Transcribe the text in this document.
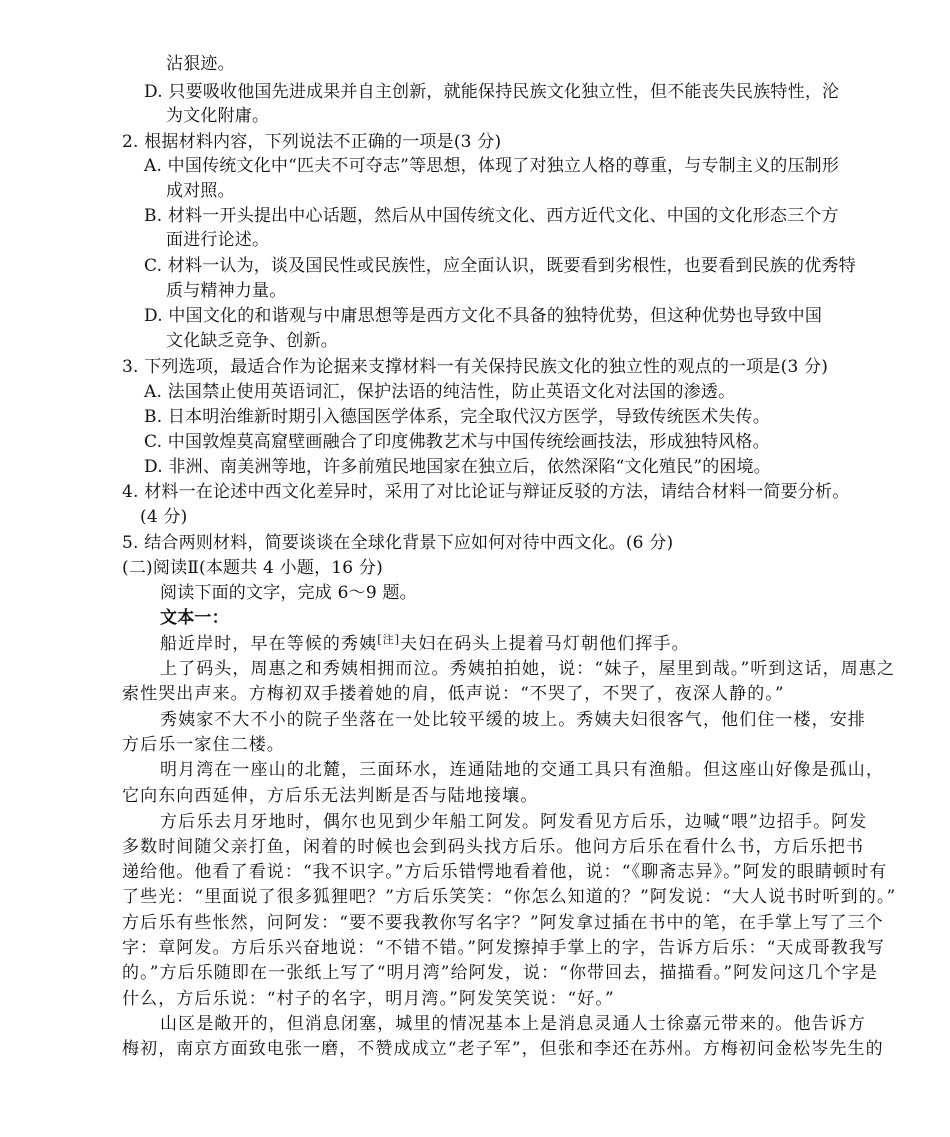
沾狠迹。
D. 只要吸收他国先进成果并自主创新，就能保持民族文化独立性，但不能丧失民族特性，沦
为文化附庸。
2. 根据材料内容，下列说法不正确的一项是(3 分)
A. 中国传统文化中“匹夫不可夺志”等思想，体现了对独立人格的尊重，与专制主义的压制形
成对照。
B. 材料一开头提出中心话题，然后从中国传统文化、西方近代文化、中国的文化形态三个方
面进行论述。
C. 材料一认为，谈及国民性或民族性，应全面认识，既要看到劣根性，也要看到民族的优秀特
质与精神力量。
D. 中国文化的和谐观与中庸思想等是西方文化不具备的独特优势，但这种优势也导致中国
文化缺乏竞争、创新。
3. 下列选项，最适合作为论据来支撑材料一有关保持民族文化的独立性的观点的一项是(3 分)
A. 法国禁止使用英语词汇，保护法语的纯洁性，防止英语文化对法国的渗透。
B. 日本明治维新时期引入德国医学体系，完全取代汉方医学，导致传统医术失传。
C. 中国敦煌莫高窟壁画融合了印度佛教艺术与中国传统绘画技法，形成独特风格。
D. 非洲、南美洲等地，许多前殖民地国家在独立后，依然深陷“文化殖民”的困境。
4. 材料一在论述中西文化差异时，采用了对比论证与辩证反驳的方法，请结合材料一简要分析。
(4 分)
5. 结合两则材料，简要谈谈在全球化背景下应如何对待中西文化。(6 分)
(二)阅读Ⅱ(本题共 4 小题，16 分)
阅读下面的文字，完成 6～9 题。
文本一：
船近岸时，早在等候的秀姨[注]夫妇在码头上提着马灯朝他们挥手。
上了码头，周惠之和秀姨相拥而泣。秀姨拍拍她，说：“妹子，屋里到哉。”听到这话，周惠之
索性哭出声来。方梅初双手搂着她的肩，低声说：“不哭了，不哭了，夜深人静的。”
秀姨家不大不小的院子坐落在一处比较平缓的坡上。秀姨夫妇很客气，他们住一楼，安排
方后乐一家住二楼。
明月湾在一座山的北麓，三面环水，连通陆地的交通工具只有渔船。但这座山好像是孤山，
它向东向西延伸，方后乐无法判断是否与陆地接壤。
方后乐去月牙地时，偶尔也见到少年船工阿发。阿发看见方后乐，边喊“喂”边招手。阿发
多数时间随父亲打鱼，闲着的时候也会到码头找方后乐。他问方后乐在看什么书，方后乐把书
递给他。他看了看说：“我不识字。”方后乐错愕地看着他，说：“《聊斋志异》。”阿发的眼睛顿时有
了些光：“里面说了很多狐狸吧？”方后乐笑笑：“你怎么知道的？”阿发说：“大人说书时听到的。”
方后乐有些怅然，问阿发：“要不要我教你写名字？”阿发拿过插在书中的笔，在手掌上写了三个
字：章阿发。方后乐兴奋地说：“不错不错。”阿发擦掉手掌上的字，告诉方后乐：“天成哥教我写
的。”方后乐随即在一张纸上写了“明月湾”给阿发，说：“你带回去，描描看。”阿发问这几个字是
什么，方后乐说：“村子的名字，明月湾。”阿发笑笑说：“好。”
山区是敞开的，但消息闭塞，城里的情况基本上是消息灵通人士徐嘉元带来的。他告诉方
梅初，南京方面致电张一磨，不赞成成立“老子军”，但张和李还在苏州。方梅初问金松岑先生的
